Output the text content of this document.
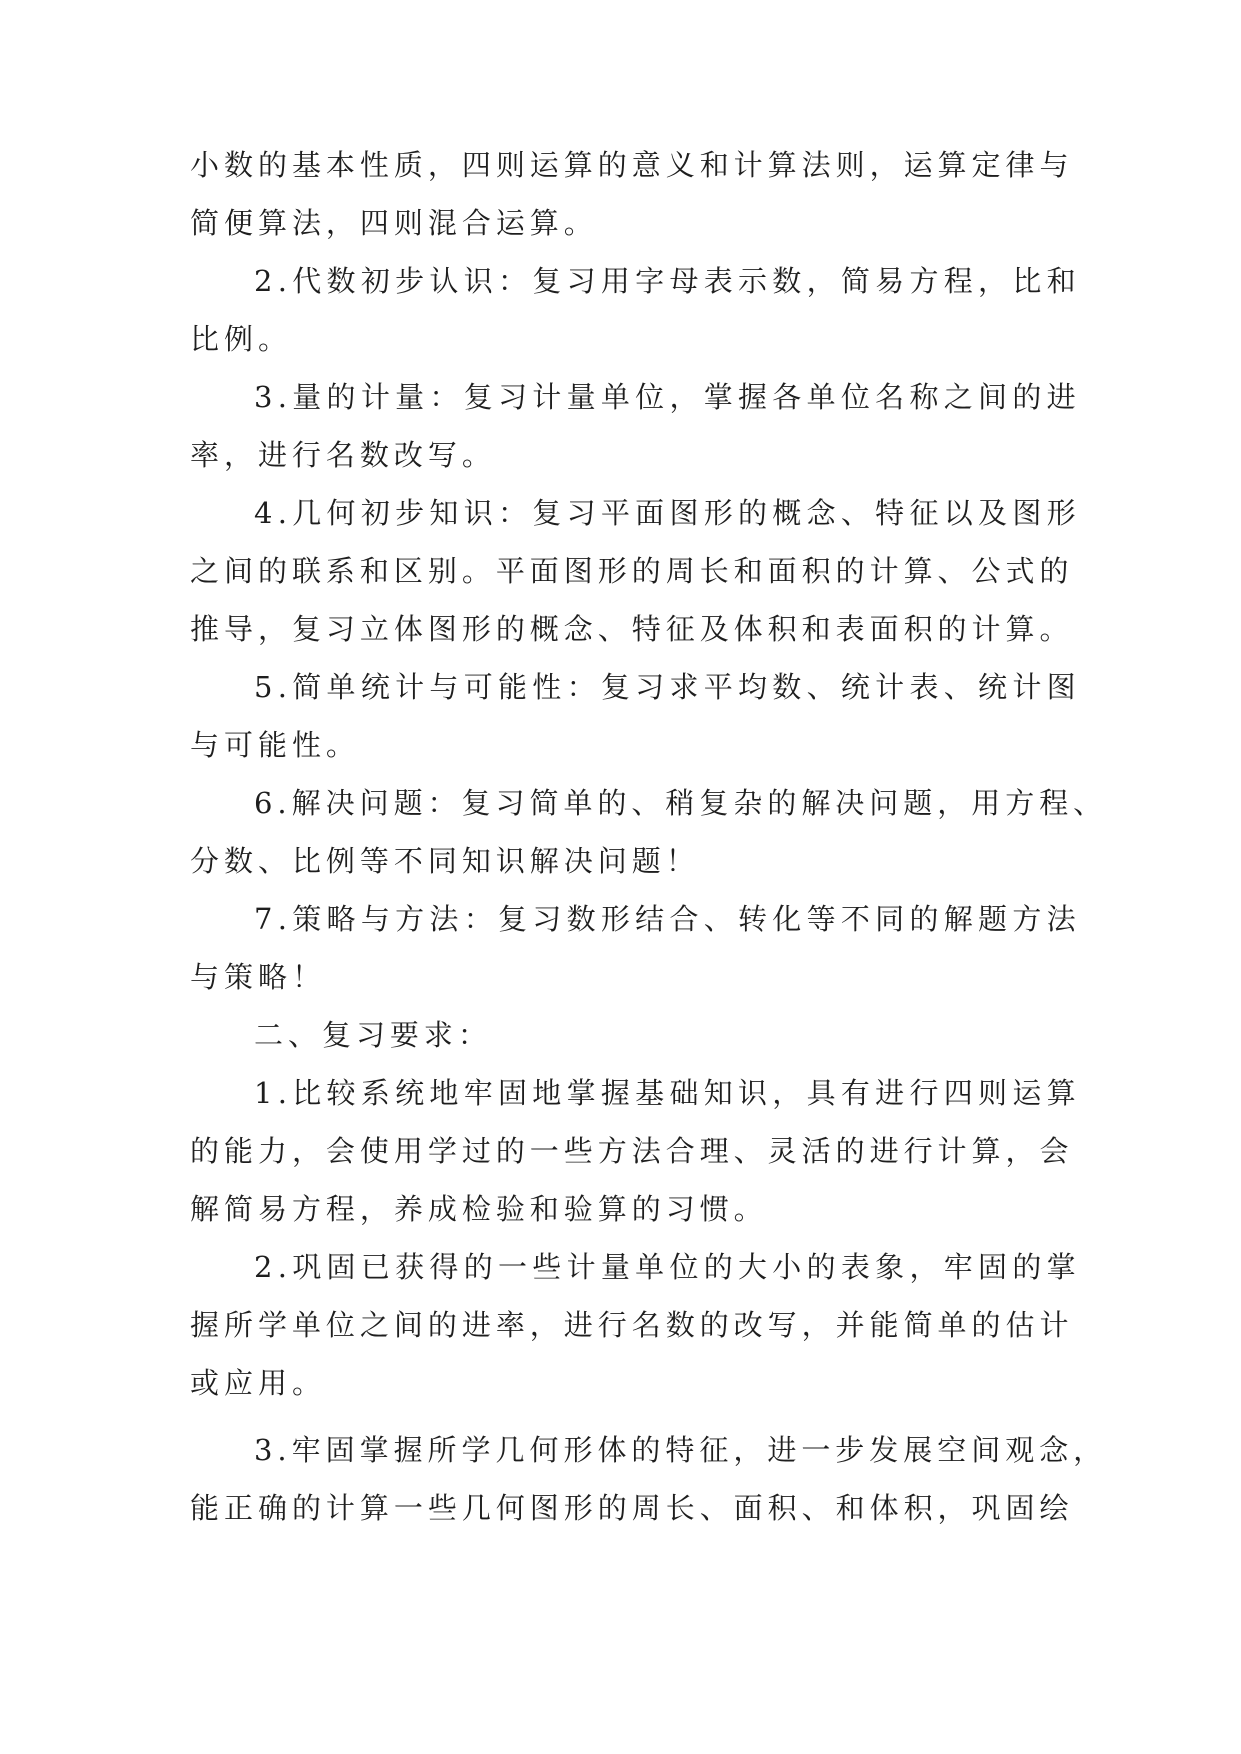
小数的基本性质，四则运算的意义和计算法则，运算定律与

简便算法，四则混合运算。

2.代数初步认识：复习用字母表示数，简易方程，比和

比例。

3.量的计量：复习计量单位，掌握各单位名称之间的进

率，进行名数改写。

4.几何初步知识：复习平面图形的概念、特征以及图形

之间的联系和区别。平面图形的周长和面积的计算、公式的

推导，复习立体图形的概念、特征及体积和表面积的计算。

5.简单统计与可能性：复习求平均数、统计表、统计图

与可能性。

6.解决问题：复习简单的、稍复杂的解决问题，用方程、

分数、比例等不同知识解决问题！

7.策略与方法：复习数形结合、转化等不同的解题方法

与策略！

二、复习要求：

1.比较系统地牢固地掌握基础知识，具有进行四则运算

的能力，会使用学过的一些方法合理、灵活的进行计算，会

解简易方程，养成检验和验算的习惯。

2.巩固已获得的一些计量单位的大小的表象，牢固的掌

握所学单位之间的进率，进行名数的改写，并能简单的估计

或应用。

3.牢固掌握所学几何形体的特征，进一步发展空间观念，

能正确的计算一些几何图形的周长、面积、和体积，巩固绘
